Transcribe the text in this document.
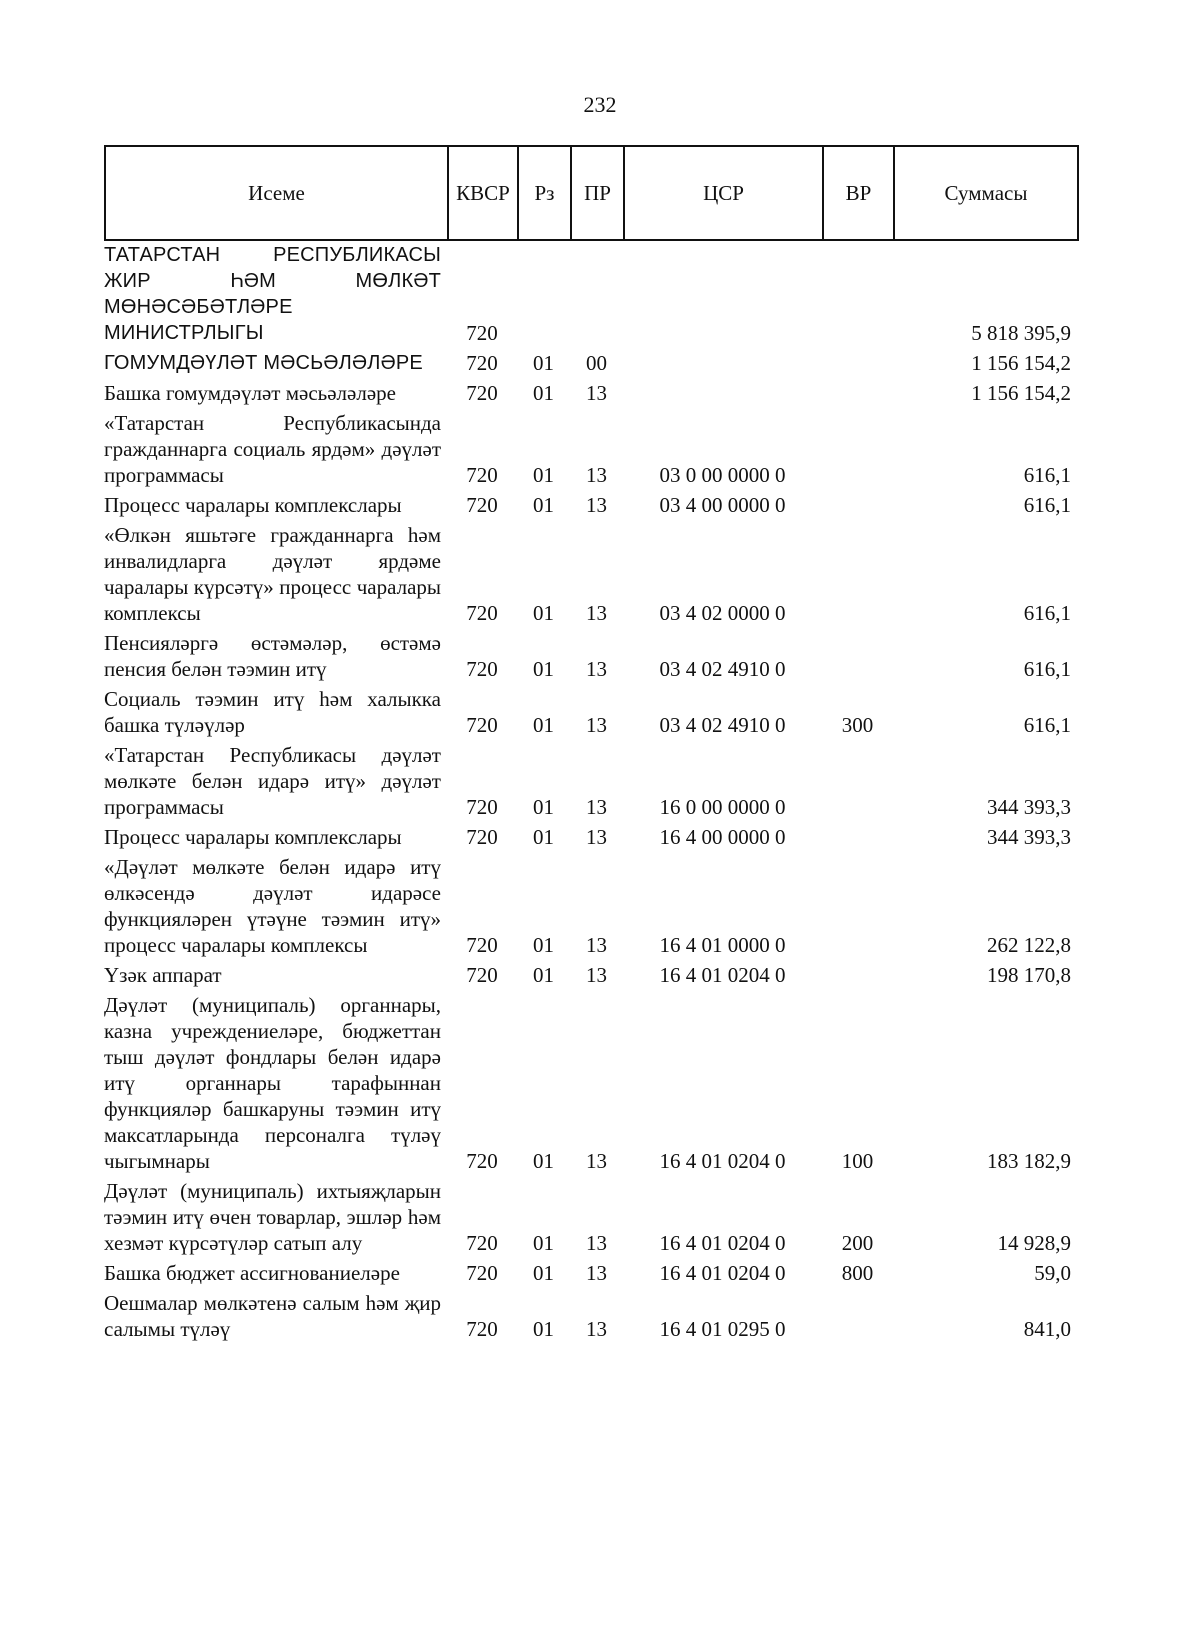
232
Исеме	КВСР	Рз	ПР	ЦСР	ВР	Суммасы
ТАТАРСТАН РЕСПУБЛИКАСЫ ЖИР ҺӘМ МӨЛКӘТ МӨНӘСӘБӘТЛӘРЕ МИНИСТРЛЫГЫ	720					5 818 395,9
ГОМУМДӘҮЛӘТ МӘСЬӘЛӘЛӘРЕ	720	01	00			1 156 154,2
Башка гомумдәүләт мәсьәләләре	720	01	13			1 156 154,2
«Татарстан Республикасында гражданнарга социаль ярдәм» дәүләт программасы	720	01	13	03 0 00 0000 0		616,1
Процесс чаралары комплекслары	720	01	13	03 4 00 0000 0		616,1
«Өлкән яшьтәге гражданнарга һәм инвалидларга дәүләт ярдәме чаралары күрсәтү» процесс чаралары комплексы	720	01	13	03 4 02 0000 0		616,1
Пенсияләргә өстәмәләр, өстәмә пенсия белән тәэмин итү	720	01	13	03 4 02 4910 0		616,1
Социаль тәэмин итү һәм халыкка башка түләүләр	720	01	13	03 4 02 4910 0	300	616,1
«Татарстан Республикасы дәүләт мөлкәте белән идарә итү» дәүләт программасы	720	01	13	16 0 00 0000 0		344 393,3
Процесс чаралары комплекслары	720	01	13	16 4 00 0000 0		344 393,3
«Дәүләт мөлкәте белән идарә итү өлкәсендә дәүләт идарәсе функцияләрен үтәүне тәэмин итү» процесс чаралары комплексы	720	01	13	16 4 01 0000 0		262 122,8
Үзәк аппарат	720	01	13	16 4 01 0204 0		198 170,8
Дәүләт (муниципаль) органнары, казна учреждениеләре, бюджеттан тыш дәүләт фондлары белән идарә итү органнары тарафыннан функцияләр башкаруны тәэмин итү максатларында персоналга түләү чыгымнары	720	01	13	16 4 01 0204 0	100	183 182,9
Дәүләт (муниципаль) ихтыяҗларын тәэмин итү өчен товарлар, эшләр һәм хезмәт күрсәтүләр сатып алу	720	01	13	16 4 01 0204 0	200	14 928,9
Башка бюджет ассигнованиеләре	720	01	13	16 4 01 0204 0	800	59,0
Оешмалар мөлкәтенә салым һәм җир салымы түләү	720	01	13	16 4 01 0295 0		841,0
